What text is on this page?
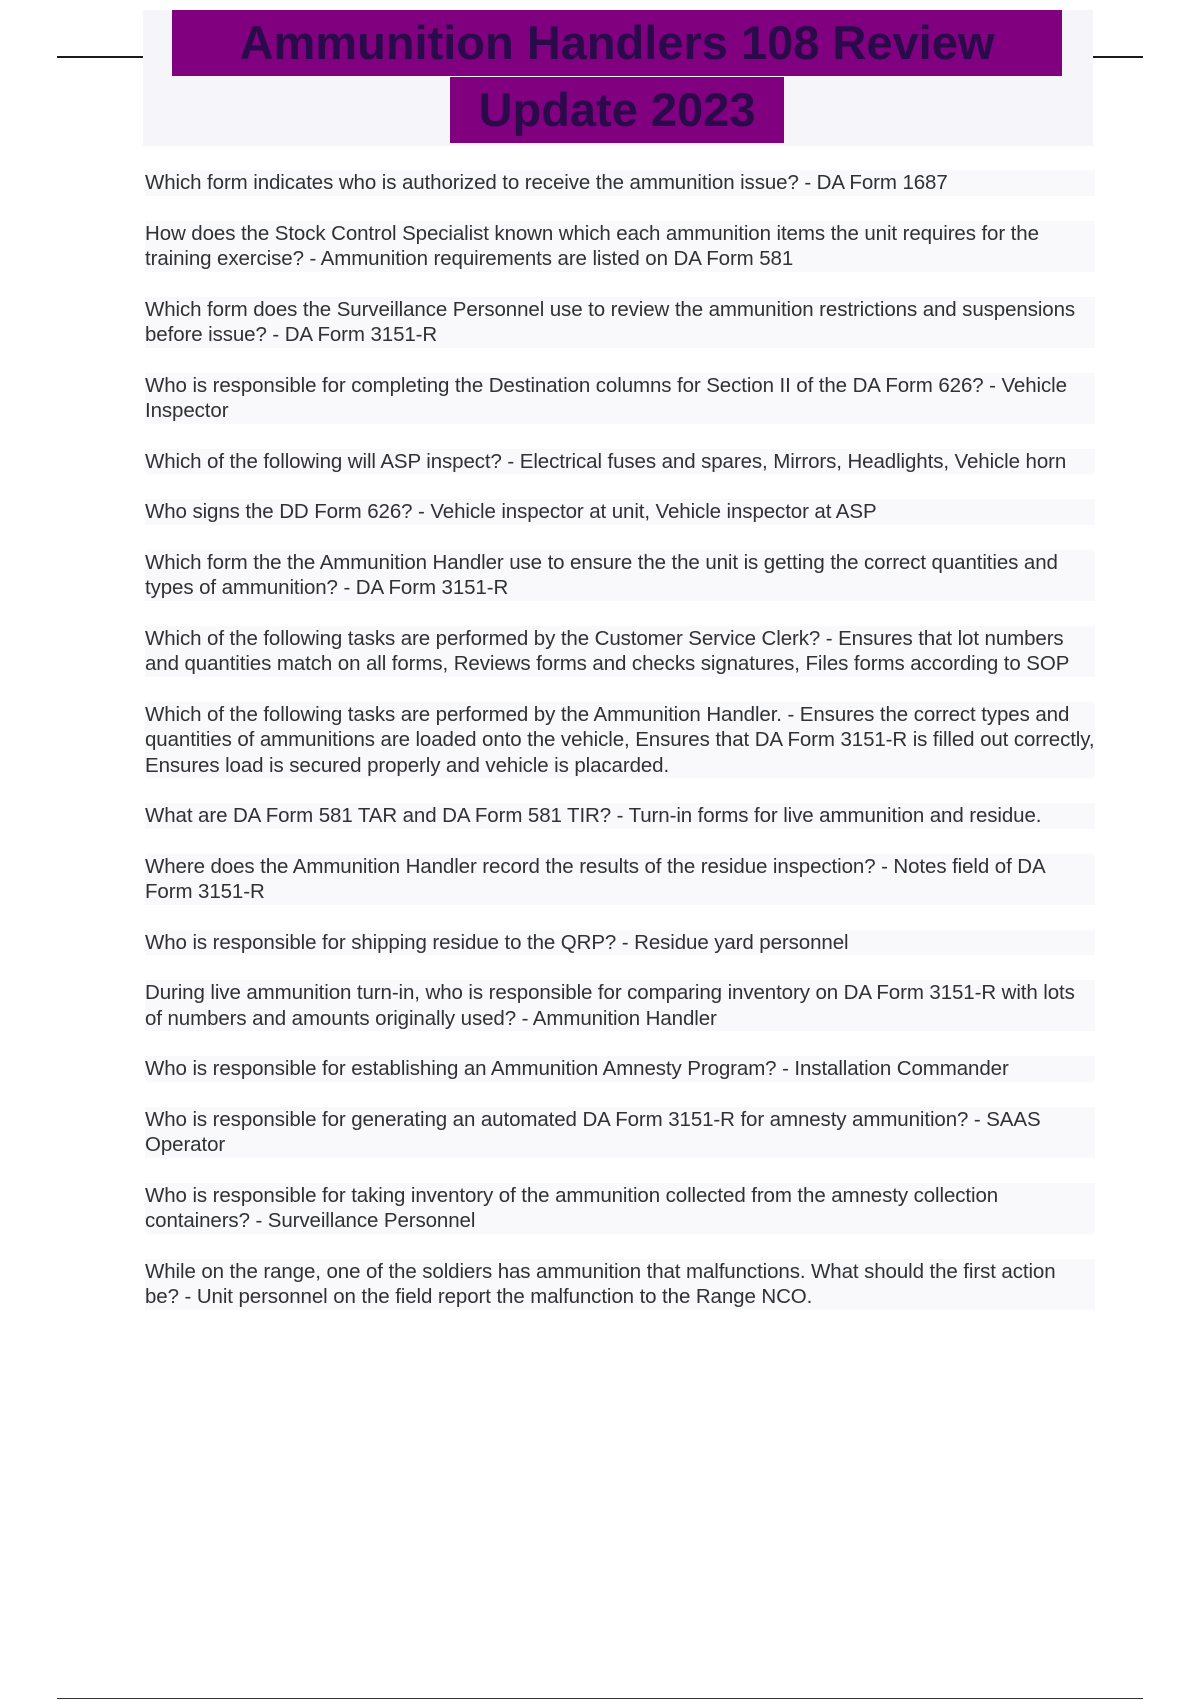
Ammunition Handlers 108 Review
Update 2023

Which form indicates who is authorized to receive the ammunition issue? - DA Form 1687

How does the Stock Control Specialist known which each ammunition items the unit requires for the training exercise? - Ammunition requirements are listed on DA Form 581

Which form does the Surveillance Personnel use to review the ammunition restrictions and suspensions before issue? - DA Form 3151-R

Who is responsible for completing the Destination columns for Section II of the DA Form 626? - Vehicle Inspector

Which of the following will ASP inspect? - Electrical fuses and spares, Mirrors, Headlights, Vehicle horn

Who signs the DD Form 626? - Vehicle inspector at unit, Vehicle inspector at ASP

Which form the the Ammunition Handler use to ensure the the unit is getting the correct quantities and types of ammunition? - DA Form 3151-R

Which of the following tasks are performed by the Customer Service Clerk? - Ensures that lot numbers and quantities match on all forms, Reviews forms and checks signatures, Files forms according to SOP

Which of the following tasks are performed by the Ammunition Handler. - Ensures the correct types and quantities of ammunitions are loaded onto the vehicle, Ensures that DA Form 3151-R is filled out correctly, Ensures load is secured properly and vehicle is placarded.

What are DA Form 581 TAR and DA Form 581 TIR? - Turn-in forms for live ammunition and residue.

Where does the Ammunition Handler record the results of the residue inspection? - Notes field of DA Form 3151-R

Who is responsible for shipping residue to the QRP? - Residue yard personnel

During live ammunition turn-in, who is responsible for comparing inventory on DA Form 3151-R with lots of numbers and amounts originally used? - Ammunition Handler

Who is responsible for establishing an Ammunition Amnesty Program? - Installation Commander

Who is responsible for generating an automated DA Form 3151-R for amnesty ammunition? - SAAS Operator

Who is responsible for taking inventory of the ammunition collected from the amnesty collection containers? - Surveillance Personnel

While on the range, one of the soldiers has ammunition that malfunctions. What should the first action be? - Unit personnel on the field report the malfunction to the Range NCO.
